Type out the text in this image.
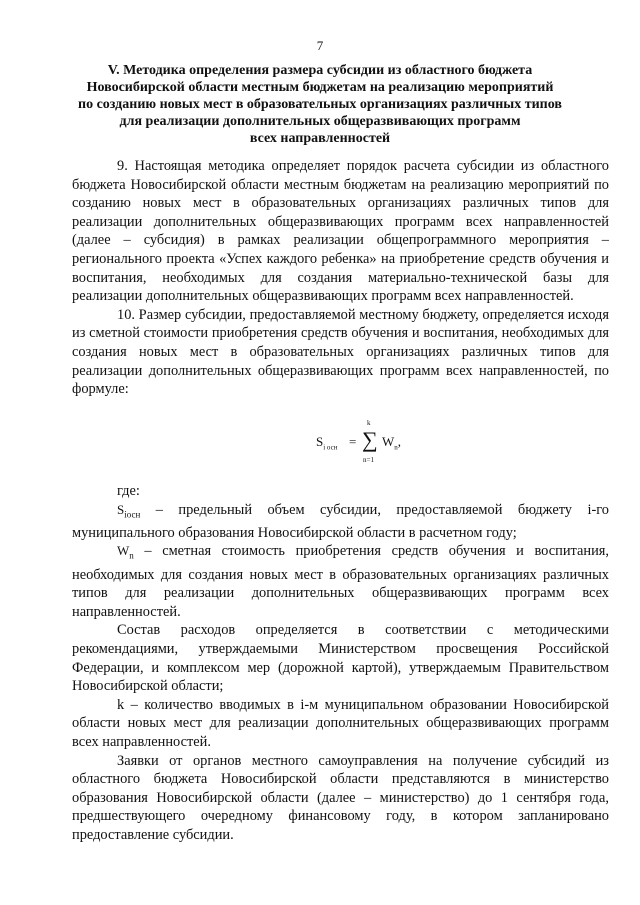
7
V. Методика определения размера субсидии из областного бюджета
Новосибирской области местным бюджетам на реализацию мероприятий
по созданию новых мест в образовательных организациях различных типов
для реализации дополнительных общеразвивающих программ
всех направленностей

9. Настоящая методика определяет порядок расчета субсидии из областного бюджета Новосибирской области местным бюджетам на реализацию мероприятий по созданию новых мест в образовательных организациях различных типов для реализации дополнительных общеразвивающих программ всех направленностей (далее – субсидия) в рамках реализации общепрограммного мероприятия – регионального проекта «Успех каждого ребенка» на приобретение средств обучения и воспитания, необходимых для создания материально-технической базы для реализации дополнительных общеразвивающих программ всех направленностей.

10. Размер субсидии, предоставляемой местному бюджету, определяется исходя из сметной стоимости приобретения средств обучения и воспитания, необходимых для создания новых мест в образовательных организациях различных типов для реализации дополнительных общеразвивающих программ всех направленностей, по формуле:

$S_{i осн}$ =
k
∑
n=1
$W_n$,

где:

$S_{iосн}$ – предельный объем субсидии, предоставляемой бюджету i-го муниципального образования Новосибирской области в расчетном году;

$W_n$ – сметная стоимость приобретения средств обучения и воспитания, необходимых для создания новых мест в образовательных организациях различных типов для реализации дополнительных общеразвивающих программ всех направленностей.

Состав расходов определяется в соответствии с методическими рекомендациями, утверждаемыми Министерством просвещения Российской Федерации, и комплексом мер (дорожной картой), утверждаемым Правительством Новосибирской области;

k – количество вводимых в i-м муниципальном образовании Новосибирской области новых мест для реализации дополнительных общеразвивающих программ всех направленностей.

Заявки от органов местного самоуправления на получение субсидий из областного бюджета Новосибирской области представляются в министерство образования Новосибирской области (далее – министерство) до 1 сентября года, предшествующего очередному финансовому году, в котором запланировано предоставление субсидии.
